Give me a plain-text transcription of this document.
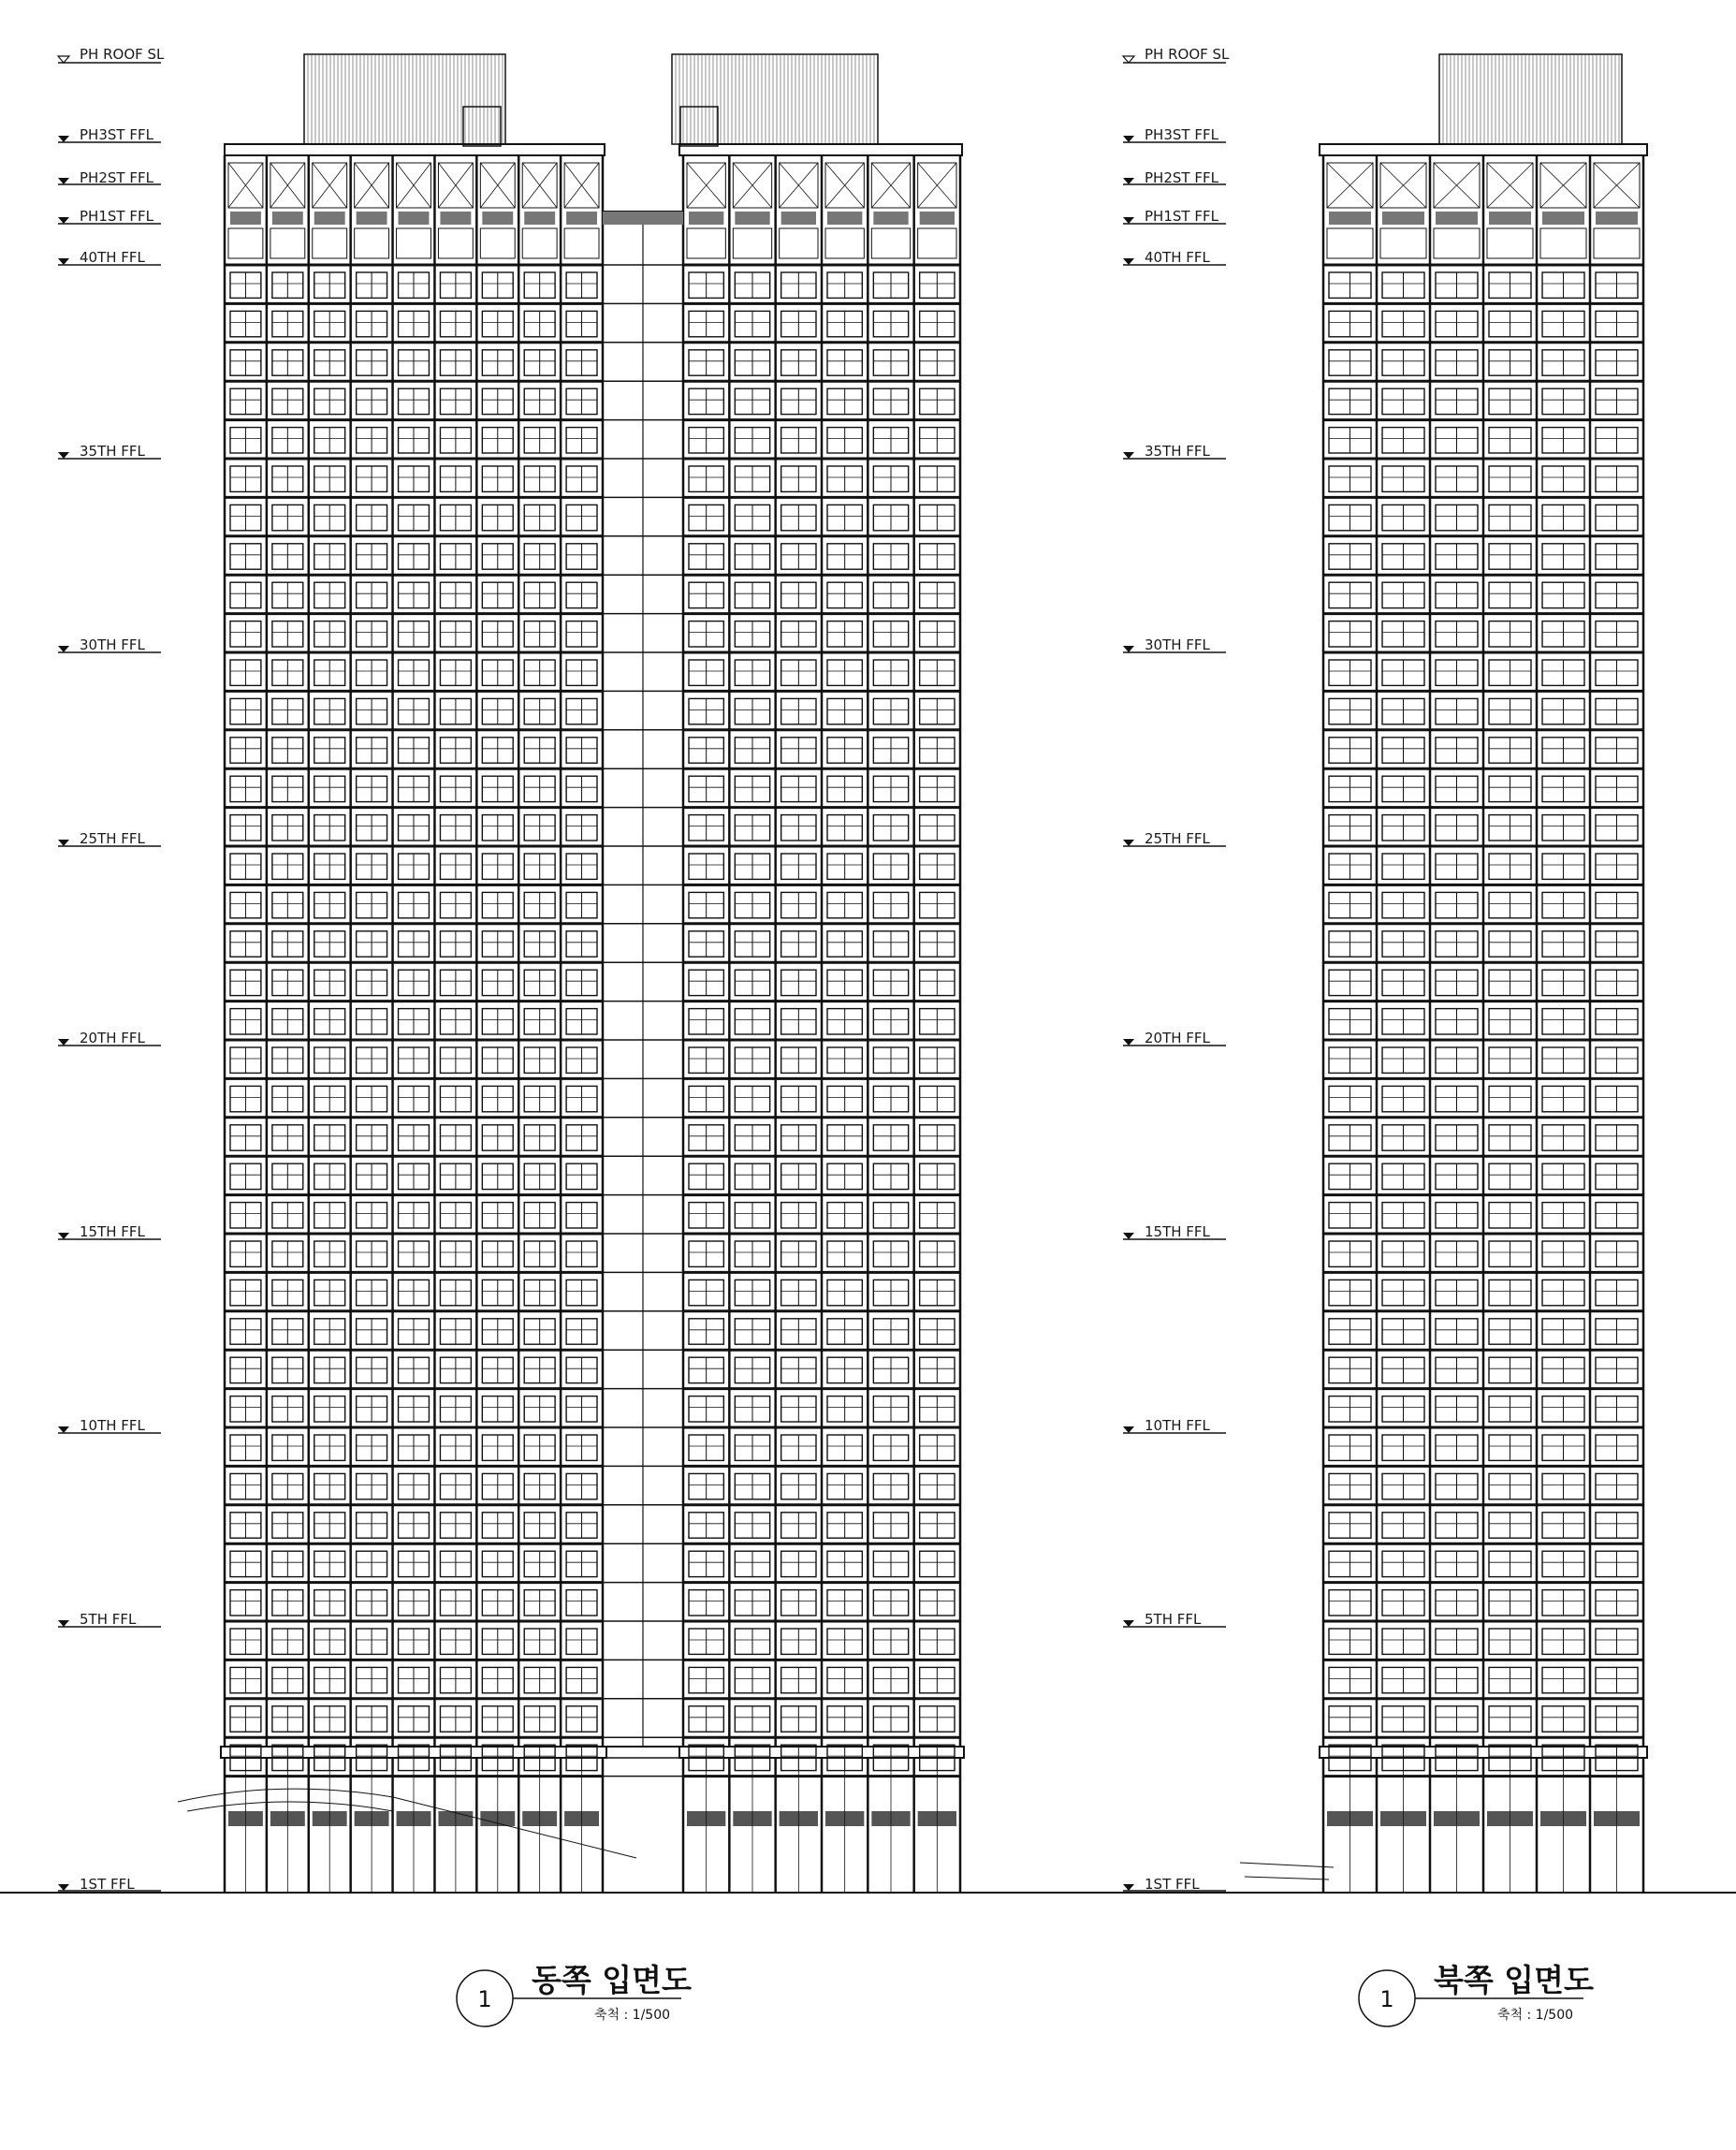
PH ROOF SL
PH3ST FFL
PH2ST FFL
PH1ST FFL
40TH FFL
35TH FFL
30TH FFL
25TH FFL
20TH FFL
15TH FFL
10TH FFL
5TH FFL
1ST FFL
PH ROOF SL
PH3ST FFL
PH2ST FFL
PH1ST FFL
40TH FFL
35TH FFL
30TH FFL
25TH FFL
20TH FFL
15TH FFL
10TH FFL
5TH FFL
1ST FFL
1
동쪽 입면도
축척 : 1/500
1
북쪽 입면도
축척 : 1/500
